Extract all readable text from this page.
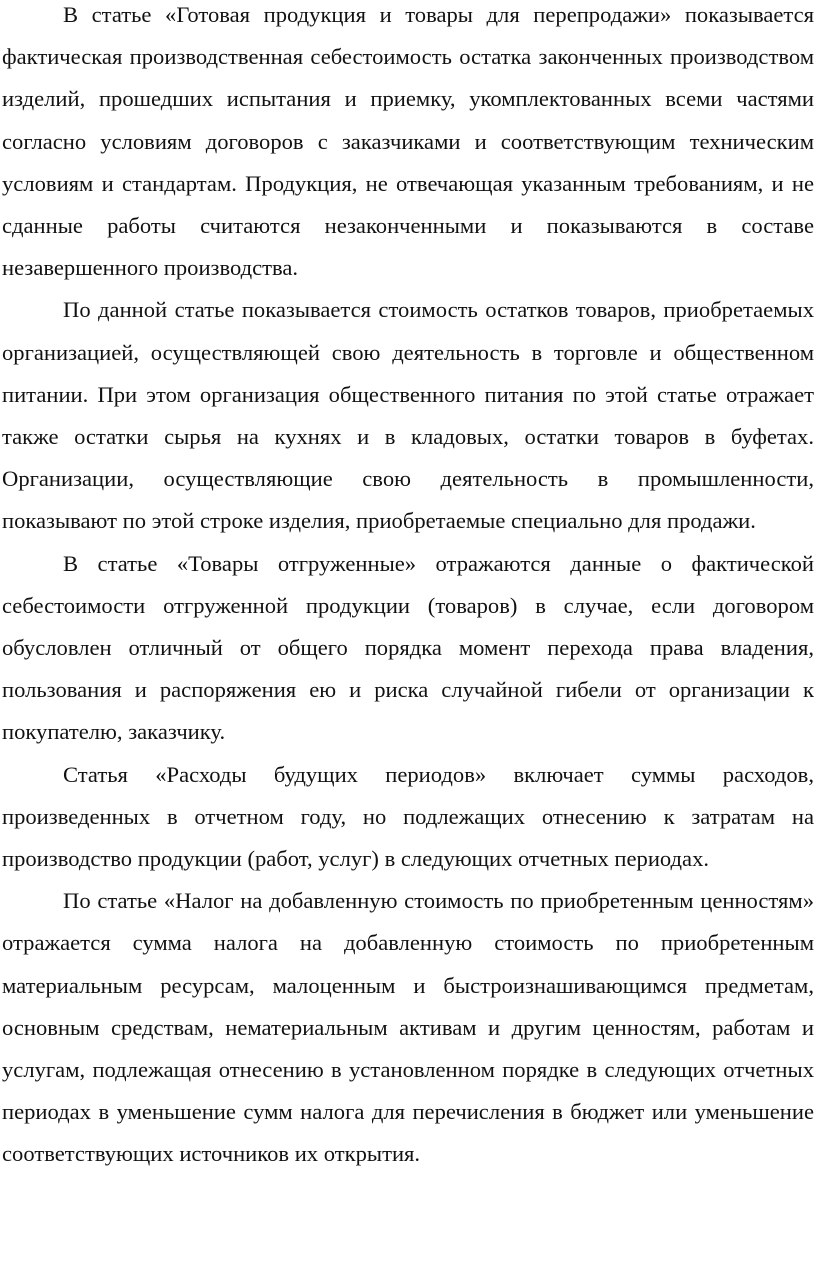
В статье «Готовая продукция и товары для перепродажи» показывается фактическая производственная себестоимость остатка законченных производством изделий, прошедших испытания и приемку, укомплектованных всеми частями согласно условиям договоров с заказчиками и соответствующим техническим условиям и стандартам. Продукция, не отвечающая указанным требованиям, и не сданные работы считаются незаконченными и показываются в составе незавершенного производства.

По данной статье показывается стоимость остатков товаров, приобретаемых организацией, осуществляющей свою деятельность в торговле и общественном питании. При этом организация общественного питания по этой статье отражает также остатки сырья на кухнях и в кладовых, остатки товаров в буфетах. Организации, осуществляющие свою деятельность в промышленности, показывают по этой строке изделия, приобретаемые специально для продажи.

В статье «Товары отгруженные» отражаются данные о фактической себестоимости отгруженной продукции (товаров) в случае, если договором обусловлен отличный от общего порядка момент перехода права владения, пользования и распоряжения ею и риска случайной гибели от организации к покупателю, заказчику.

Статья «Расходы будущих периодов» включает суммы расходов, произведенных в отчетном году, но подлежащих отнесению к затратам на производство продукции (работ, услуг) в следующих отчетных периодах.

По статье «Налог на добавленную стоимость по приобретенным ценностям» отражается сумма налога на добавленную стоимость по приобретенным материальным ресурсам, малоценным и быстроизнашивающимся предметам, основным средствам, нематериальным активам и другим ценностям, работам и услугам, подлежащая отнесению в установленном порядке в следующих отчетных периодах в уменьшение сумм налога для перечисления в бюджет или уменьшение соответствующих источников их открытия.
